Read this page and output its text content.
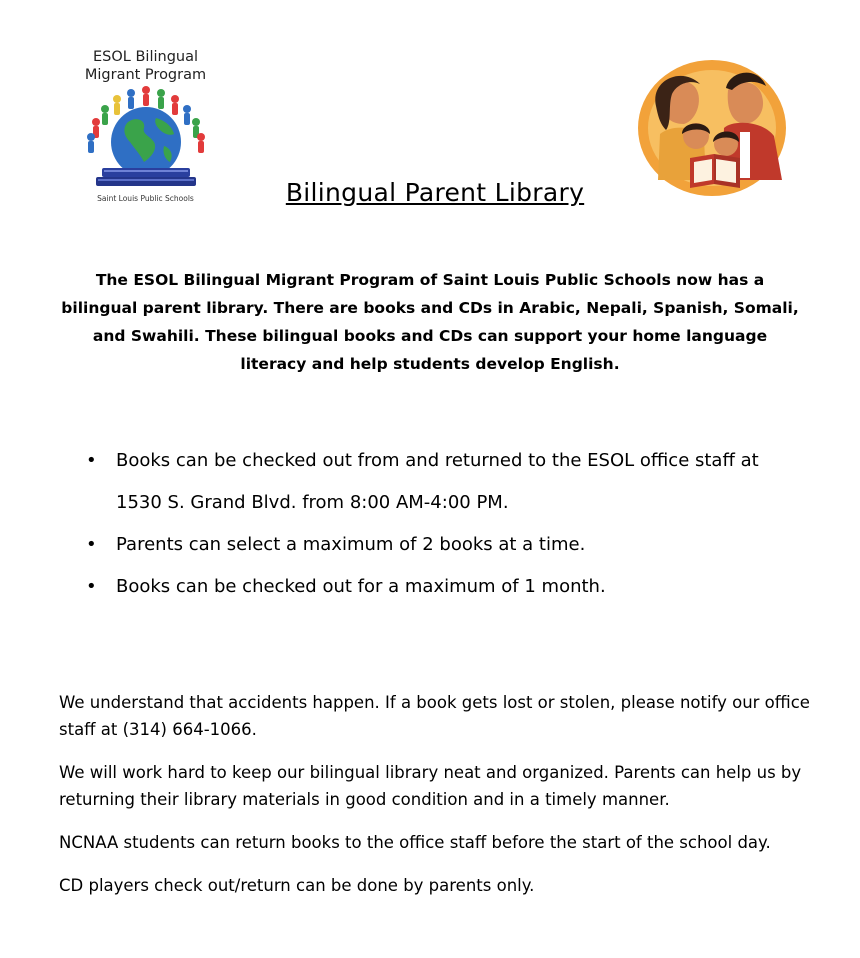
ESOL Bilingual
Migrant Program
Saint Louis Public Schools	Bilingual Parent Library
The ESOL Bilingual Migrant Program of Saint Louis Public Schools now has a bilingual parent library. There are books and CDs in Arabic, Nepali, Spanish, Somali, and Swahili. These bilingual books and CDs can support your home language literacy and help students develop English.
• Books can be checked out from and returned to the ESOL office staff at 1530 S. Grand Blvd. from 8:00 AM-4:00 PM.
• Parents can select a maximum of 2 books at a time.
• Books can be checked out for a maximum of 1 month.

We understand that accidents happen. If a book gets lost or stolen, please notify our office staff at (314) 664-1066.

We will work hard to keep our bilingual library neat and organized. Parents can help us by returning their library materials in good condition and in a timely manner.

NCNAA students can return books to the office staff before the start of the school day.

CD players check out/return can be done by parents only.
